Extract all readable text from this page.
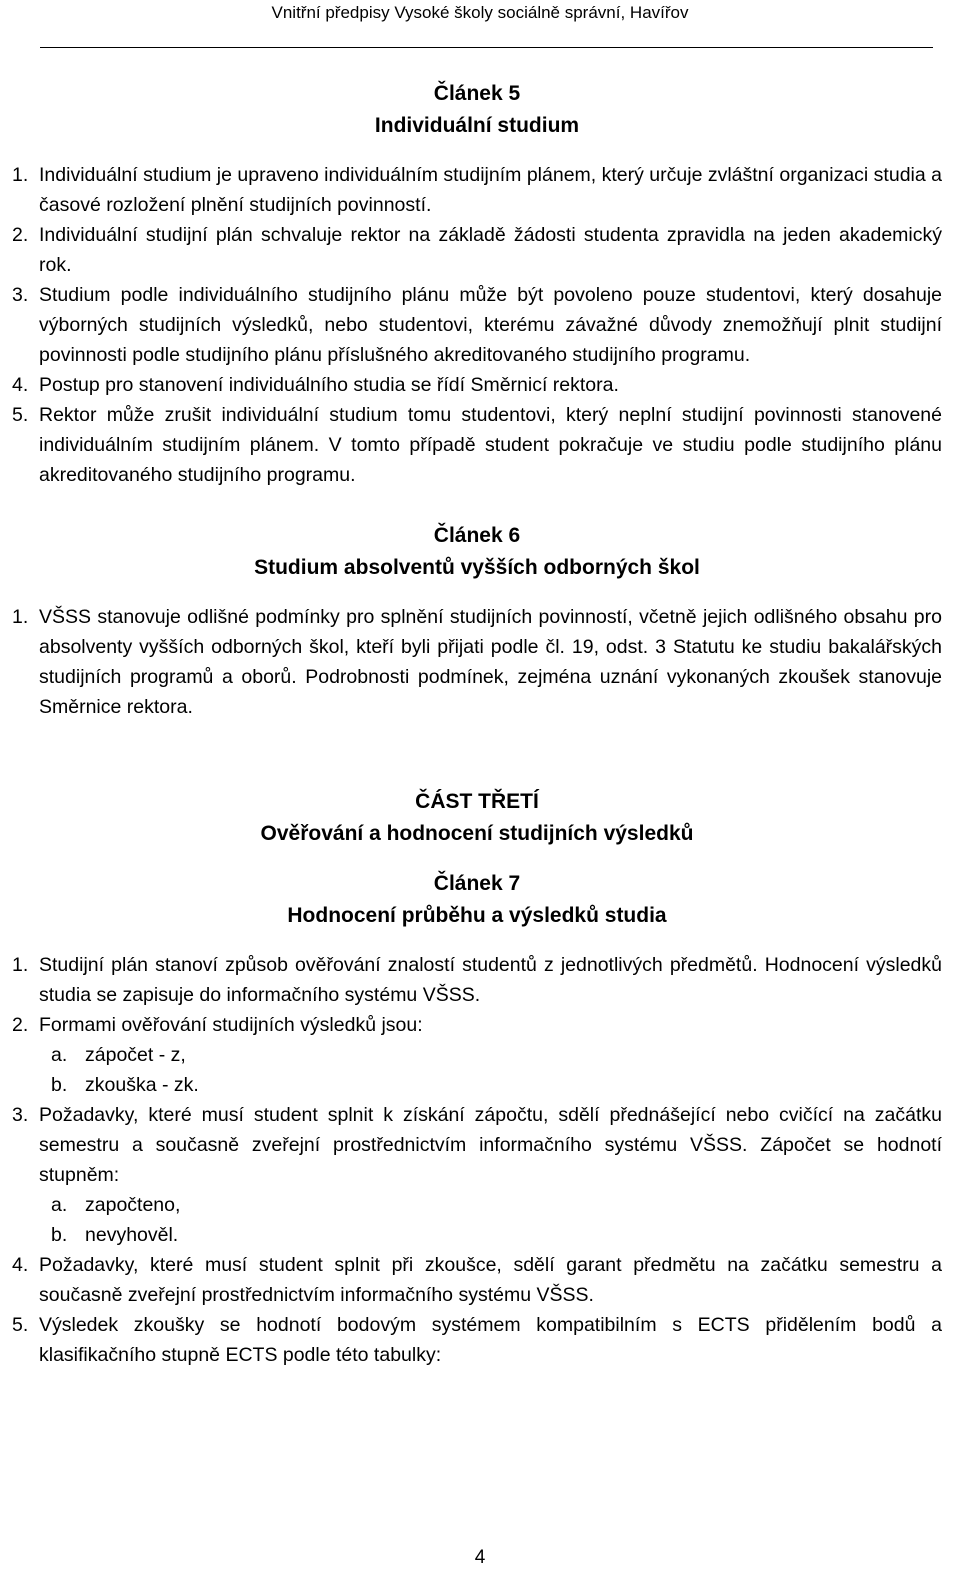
Vnitřní předpisy Vysoké školy sociálně správní, Havířov
Článek 5
Individuální studium
1. Individuální studium je upraveno individuálním studijním plánem, který určuje zvláštní organizaci studia a časové rozložení plnění studijních povinností.
2. Individuální studijní plán schvaluje rektor na základě žádosti studenta zpravidla na jeden akademický rok.
3. Studium podle individuálního studijního plánu může být povoleno pouze studentovi, který dosahuje výborných studijních výsledků, nebo studentovi, kterému závažné důvody znemožňují plnit studijní povinnosti podle studijního plánu příslušného akreditovaného studijního programu.
4. Postup pro stanovení individuálního studia se řídí Směrnicí rektora.
5. Rektor může zrušit individuální studium tomu studentovi, který neplní studijní povinnosti stanovené individuálním studijním plánem. V tomto případě student pokračuje ve studiu podle studijního plánu akreditovaného studijního programu.
Článek 6
Studium absolventů vyšších odborných škol
1. VŠSS stanovuje odlišné podmínky pro splnění studijních povinností, včetně jejich odlišného obsahu pro absolventy vyšších odborných škol, kteří byli přijati podle čl. 19, odst. 3 Statutu ke studiu bakalářských studijních programů a oborů. Podrobnosti podmínek, zejména uznání vykonaných zkoušek stanovuje Směrnice rektora.
ČÁST TŘETÍ
Ověřování a hodnocení studijních výsledků
Článek 7
Hodnocení průběhu a výsledků studia
1. Studijní plán stanoví způsob ověřování znalostí studentů z jednotlivých předmětů. Hodnocení výsledků studia se zapisuje do informačního systému VŠSS.
2. Formami ověřování studijních výsledků jsou:
a. zápočet - z,
b. zkouška - zk.
3. Požadavky, které musí student splnit k získání zápočtu, sdělí přednášející nebo cvičící na začátku semestru a současně zveřejní prostřednictvím informačního systému VŠSS. Zápočet se hodnotí stupněm:
a. započteno,
b. nevyhověl.
4. Požadavky, které musí student splnit při zkoušce, sdělí garant předmětu na začátku semestru a současně zveřejní prostřednictvím informačního systému VŠSS.
5. Výsledek zkoušky se hodnotí bodovým systémem kompatibilním s ECTS přidělením bodů a klasifikačního stupně ECTS podle této tabulky:
4
